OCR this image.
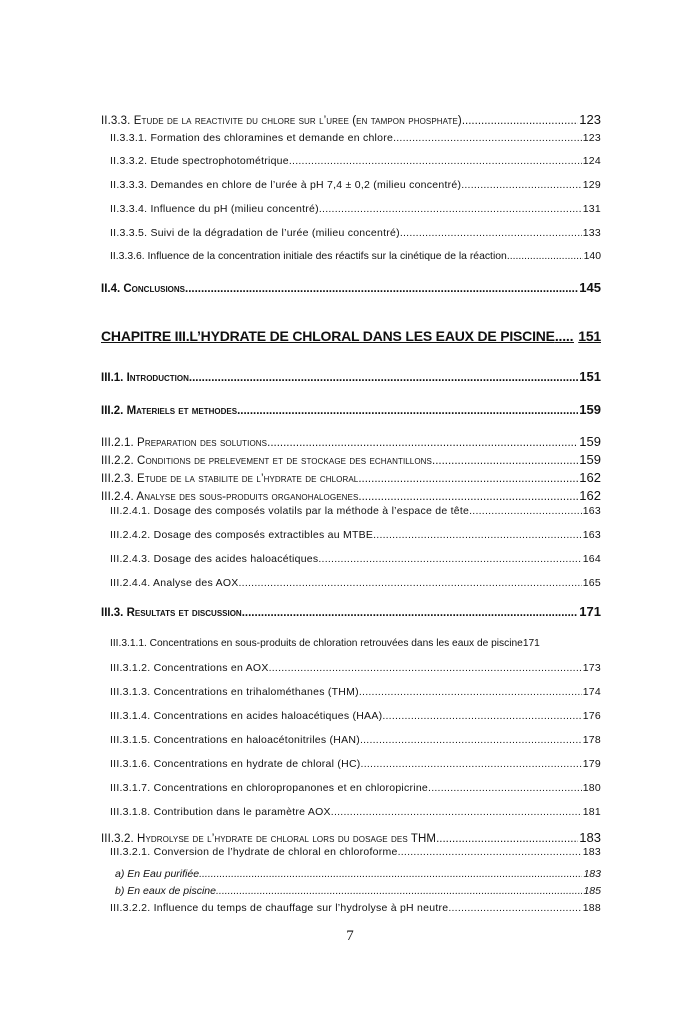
II.3.3. Etude de la reactivite du chlore sur l’uree (en tampon phosphate) .....	123
II.3.3.1. Formation des chloramines et demande en chlore. .....	123
II.3.3.2. Etude spectrophotométrique .....	124
II.3.3.3. Demandes en chlore de l’urée à pH 7,4 ± 0,2 (milieu concentré) .....	129
II.3.3.4. Influence du pH (milieu concentré) .....	131
II.3.3.5. Suivi de la dégradation de l’urée (milieu concentré) .....	133
II.3.3.6. Influence de la concentration initiale des réactifs sur la cinétique de la réaction .....	140
II.4. Conclusions .....	145
CHAPITRE III.L’HYDRATE DE CHLORAL DANS LES EAUX DE PISCINE ..... 151
III.1. Introduction .....	151
III.2. Materiels et methodes .....	159
III.2.1. Preparation des solutions .....	159
III.2.2. Conditions de prelevement et de stockage des echantillons .....	159
III.2.3. Etude de la stabilite de l’hydrate de chloral .....	162
III.2.4. Analyse des sous-produits organohalogenes .....	162
III.2.4.1. Dosage des composés volatils par la méthode à l’espace de tête .....	163
III.2.4.2. Dosage des composés extractibles au MTBE .....	163
III.2.4.3. Dosage des acides haloacétiques .....	164
III.2.4.4. Analyse des AOX. .....	165
III.3. Resultats et discussion .....	171
III.3.1.1. Concentrations en sous-produits de chloration retrouvées dans les eaux de piscine 171
III.3.1.2. Concentrations en AOX. .....	173
III.3.1.3. Concentrations en trihalométhanes (THM) .....	174
III.3.1.4. Concentrations en acides haloacétiques (HAA) .....	176
III.3.1.5. Concentrations en haloacétonitriles (HAN) .....	178
III.3.1.6. Concentrations en hydrate de chloral (HC). .....	179
III.3.1.7. Concentrations en chloropropanones et en chloropicrine. .....	180
III.3.1.8. Contribution dans le paramètre AOX .....	181
III.3.2. Hydrolyse de l’hydrate de chloral lors du dosage des THM .....	183
III.3.2.1. Conversion de l’hydrate de chloral en chloroforme. .....	183
a) En Eau purifiée .....	183
b) En eaux de piscine .....	185
III.3.2.2. Influence du temps de chauffage sur l’hydrolyse à pH neutre .....	188
7
